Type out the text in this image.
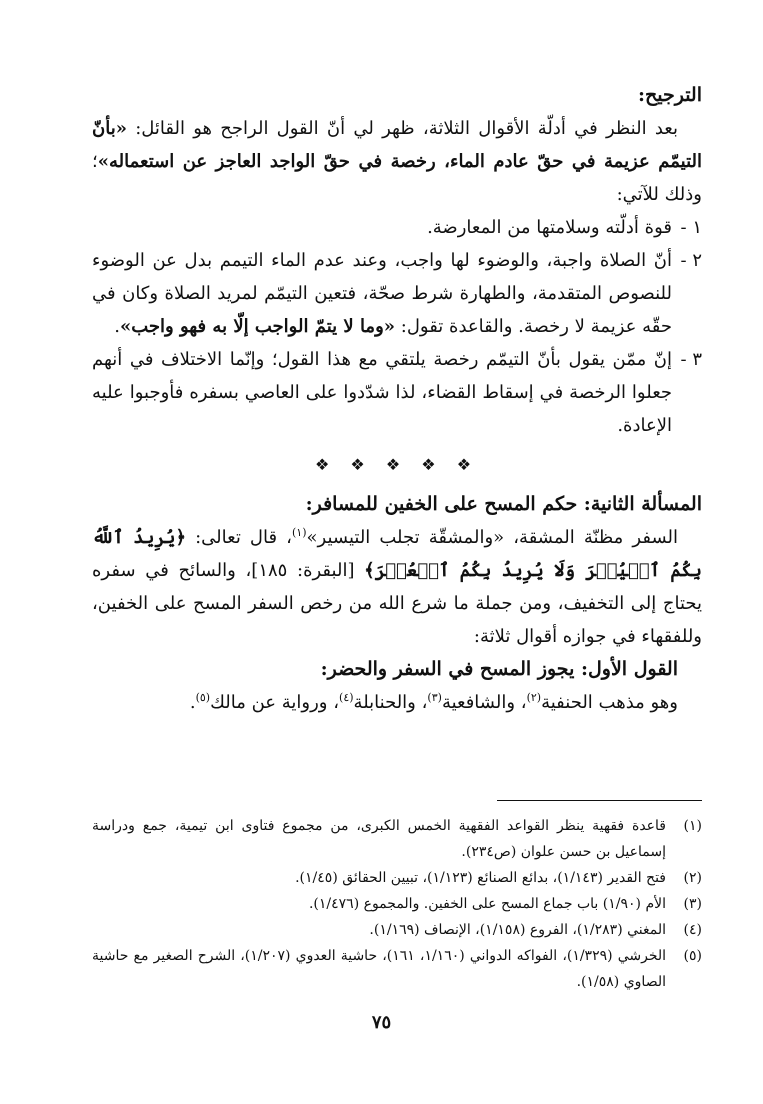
الترجيح:

بعد النظر في أدلّة الأقوال الثلاثة، ظهر لي أنّ القول الراجح هو القائل: «بأنّ التيمّم عزيمة في حقّ عادم الماء، رخصة في حقّ الواجد العاجز عن استعماله»؛ وذلك للآتي:

١ -
قوة أدلّته وسلامتها من المعارضة.
٢ -
أنّ الصلاة واجبة، والوضوء لها واجب، وعند عدم الماء التيمم بدل عن الوضوء للنصوص المتقدمة، والطهارة شرط صحّة، فتعين التيمّم لمريد الصلاة وكان في حقّه عزيمة لا رخصة. والقاعدة تقول: «وما لا يتمّ الواجب إلّا به فهو واجب».
٣ -
إنّ ممّن يقول بأنّ التيمّم رخصة يلتقي مع هذا القول؛ وإنّما الاختلاف في أنهم جعلوا الرخصة في إسقاط القضاء، لذا شدّدوا على العاصي بسفره فأوجبوا عليه الإعادة.
❖ ❖ ❖ ❖ ❖

المسألة الثانية: حكم المسح على الخفين للمسافر:

السفر مظنّة المشقة، «والمشقّة تجلب التيسير»$^{(١)}$، قال تعالى: ﴿يُرِيدُ ٱللَّهُ بِكُمُ ٱلۡيُسۡرَ وَلَا يُرِيدُ بِكُمُ ٱلۡعُسۡرَ﴾ [البقرة: ١٨٥]، والسائح في سفره يحتاج إلى التخفيف، ومن جملة ما شرع الله من رخص السفر المسح على الخفين، وللفقهاء في جوازه أقوال ثلاثة:

القول الأول: يجوز المسح في السفر والحضر:

وهو مذهب الحنفية$^{(٢)}$، والشافعية$^{(٣)}$، والحنابلة$^{(٤)}$، ورواية عن مالك$^{(٥)}$.

(١)
قاعدة فقهية ينظر القواعد الفقهية الخمس الكبرى، من مجموع فتاوى ابن تيمية، جمع ودراسة إسماعيل بن حسن علوان (ص٢٣٤).
(٢)
فتح القدير (١/١٤٣)، بدائع الصنائع (١/١٢٣)، تبيين الحقائق (١/٤٥).
(٣)
الأم (١/٩٠) باب جماع المسح على الخفين. والمجموع (١/٤٧٦).
(٤)
المغني (١/٢٨٣)، الفروع (١/١٥٨)، الإنصاف (١/١٦٩).
(٥)
الخرشي (١/٣٢٩)، الفواكه الدواني (١/١٦٠، ١٦١)، حاشية العدوي (١/٢٠٧)، الشرح الصغير مع حاشية الصاوي (١/٥٨).
٧٥
